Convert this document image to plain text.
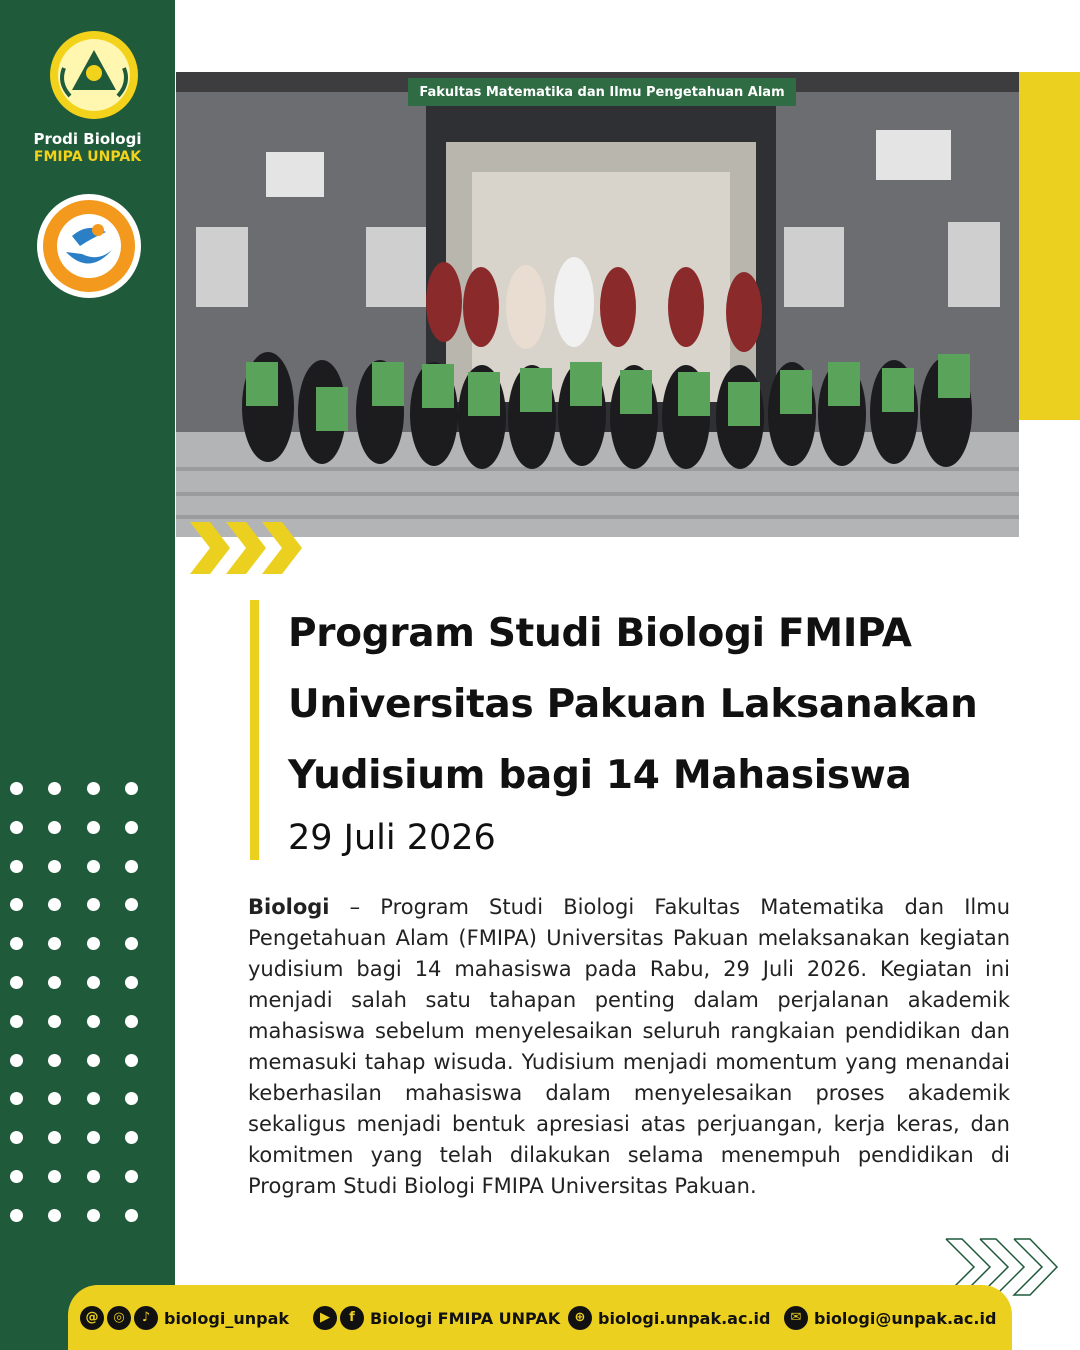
Prodi Biologi
FMIPA UNPAK
Fakultas Matematika dan Ilmu Pengetahuan Alam
Program Studi Biologi FMIPA
Universitas Pakuan Laksanakan
Yudisium bagi 14 Mahasiswa
29 Juli 2026

Biologi – Program Studi Biologi Fakultas Matematika dan Ilmu Pengetahuan Alam (FMIPA) Universitas Pakuan melaksanakan kegiatan yudisium bagi 14 mahasiswa pada Rabu, 29 Juli 2026. Kegiatan ini menjadi salah satu tahapan penting dalam perjalanan akademik mahasiswa sebelum menyelesaikan seluruh rangkaian pendidikan dan memasuki tahap wisuda. Yudisium menjadi momentum yang menandai keberhasilan mahasiswa dalam menyelesaikan proses akademik sekaligus menjadi bentuk apresiasi atas perjuangan, kerja keras, dan komitmen yang telah dilakukan selama menempuh pendidikan di Program Studi Biologi FMIPA Universitas Pakuan.

@	◎	♪ biologi_unpak	▶	f Biologi FMIPA UNPAK	⊕ biologi.unpak.ac.id	✉ biologi@unpak.ac.id
